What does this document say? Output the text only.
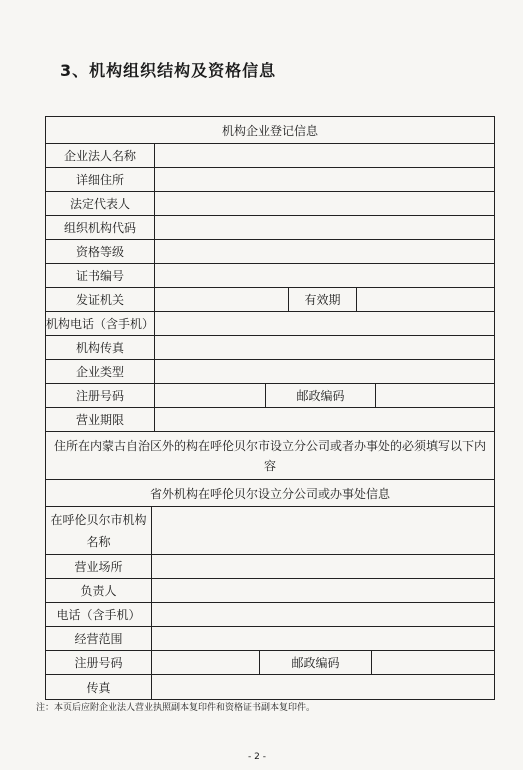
3、机构组织结构及资格信息
机构企业登记信息
企业法人名称
详细住所
法定代表人
组织机构代码
资格等级
证书编号
发证机关	有效期
机构电话（含手机）
机构传真
企业类型
注册号码	邮政编码
营业期限
住所在内蒙古自治区外的构在呼伦贝尔市设立分公司或者办事处的必须填写以下内容
省外机构在呼伦贝尔设立分公司或办事处信息
在呼伦贝尔市机构
名称
营业场所
负责人
电话（含手机）
经营范围
注册号码	邮政编码
传真
注：本页后应附企业法人营业执照副本复印件和资格证书副本复印件。
- 2 -
